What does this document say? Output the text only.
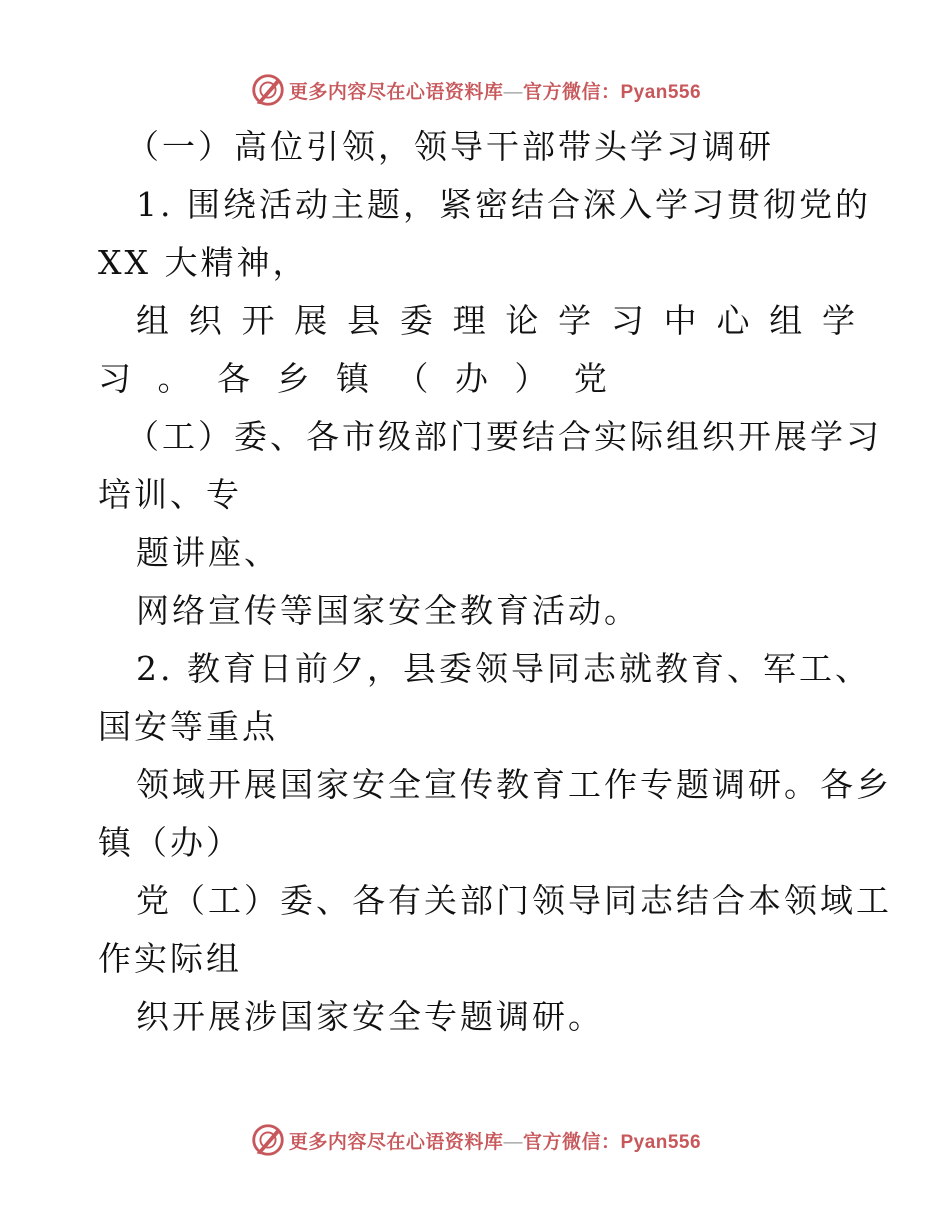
更多内容尽在心语资料库—官方微信：Pyan556
（一）高位引领，领导干部带头学习调研
1. 围绕活动主题，紧密结合深入学习贯彻党的
XX 大精神，
组 织 开 展 县 委 理 论 学 习 中 心 组 学
习 。 各 乡 镇 （ 办 ） 党
（工）委、各市级部门要结合实际组织开展学习
培训、专
题讲座、
网络宣传等国家安全教育活动。
2. 教育日前夕，县委领导同志就教育、军工、
国安等重点
领域开展国家安全宣传教育工作专题调研。各乡
镇（办）
党（工）委、各有关部门领导同志结合本领域工
作实际组
织开展涉国家安全专题调研。
更多内容尽在心语资料库—官方微信：Pyan556
